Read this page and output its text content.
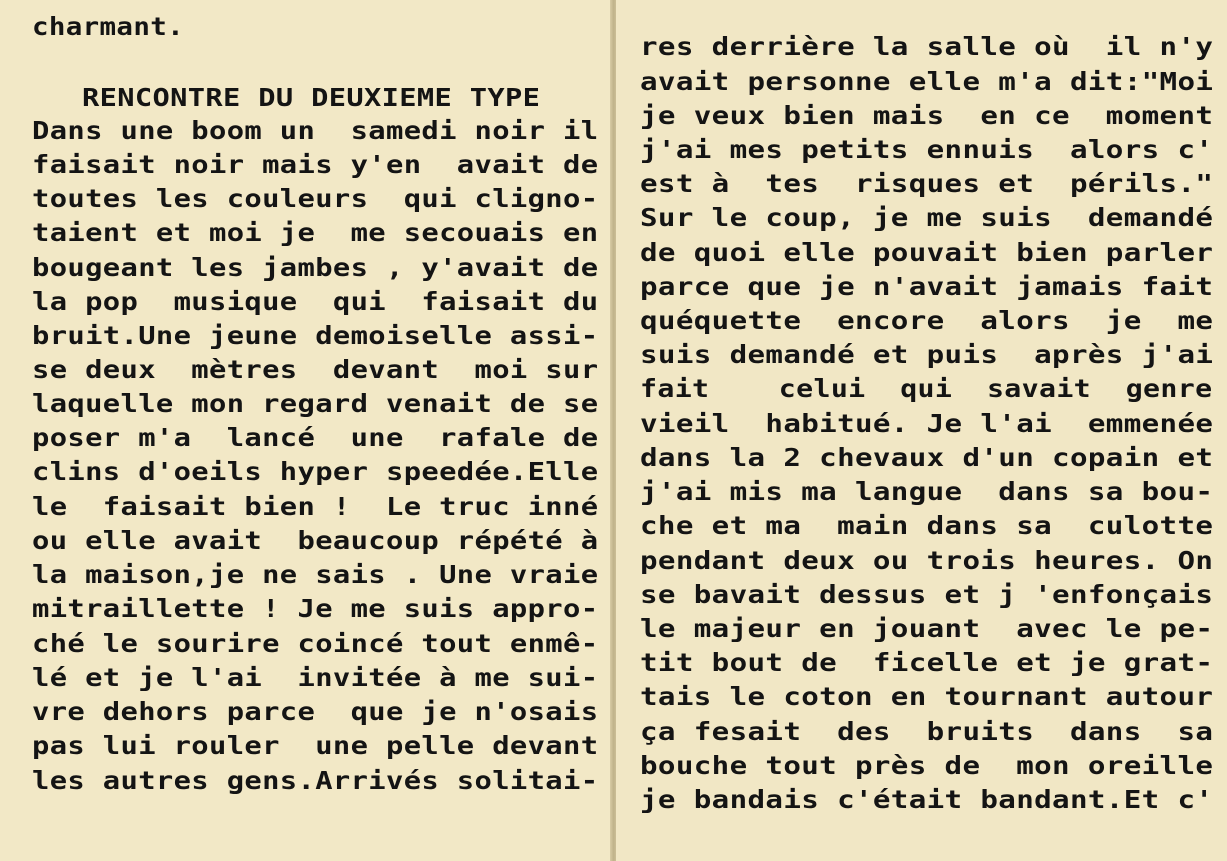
charmant.
RENCONTRE DU DEUXIEME TYPE
Dans une boom un  samedi noir il
faisait noir mais y'en  avait de
toutes les couleurs  qui clignο-
taient et moi je  me secouais en
bougeant les jambes , y'avait de
la pop  musique  qui  faisait du
bruit.Une jeune demoiselle assi-
se deux  mètres  devant  moi sur
laquelle mon regard venait de se
poser m'a  lancé  une  rafale de
clins d'oeils hyper speedée.Elle
le  faisait bien !  Le truc inné
ou elle avait  beaucoup répété à
la maison,je ne sais . Une vraie
mitraillette ! Je me suis appro-
ché le sourire coincé tout enmê-
lé et je l'ai  invitée à me sui-
vre dehors parce  que je n'osais
pas lui rouler  une pelle devant
les autres gens.Arrivés solitai-
res derrière la salle où  il n'y
avait personne elle m'a dit:"Moi
je veux bien mais  en ce  moment
j'ai mes petits ennuis  alors c'
est à  tes  risques et  périls."
Sur le coup, je me suis  demandé
de quoi elle pouvait bien parler
parce que je n'avait jamais fait
quéquette  encore  alors  je  me
suis demandé et puis  après j'ai
fait    celui  qui  savait  genre
vieil  habitué. Je l'ai  emmenée
dans la 2 chevaux d'un copain et
j'ai mis ma langue  dans sa bou-
che et ma  main dans sa  culotte
pendant deux ou trois heures. On
se bavait dessus et j 'enfonçais
le majeur en jouant  avec le pe-
tit bout de  ficelle et je grat-
tais le coton en tournant autour
ça fesait  des  bruits  dans  sa
bouche tout près de  mon oreille
je bandais c'était bandant.Et c'
